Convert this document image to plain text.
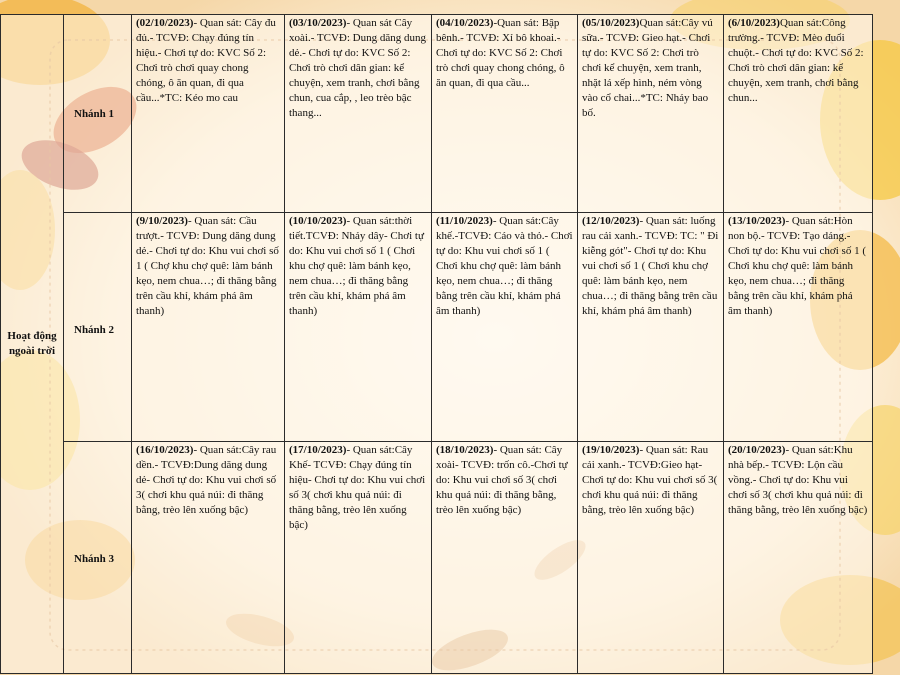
Hoạt động ngoài trời	Nhánh 1	(02/10/2023)- Quan sát: Cây đu đủ.- TCVĐ: Chạy đúng tín hiệu.- Chơi tự do: KVC Số 2: Chơi trò chơi quay chong chóng, ô ăn quan, đi qua cầu...*TC: Kéo mo cau	(03/10/2023)- Quan sát Cây xoài.- TCVĐ: Dung dăng dung dẻ.- Chơi tự do: KVC Số 2: Chơi trò chơi dân gian: kể chuyện, xem tranh, chơi bằng chun, cua cắp, , leo trèo bậc thang...	(04/10/2023)-Quan sát: Bập bênh.- TCVĐ: Xỉ bô khoai.- Chơi tự do: KVC Số 2: Chơi trò chơi quay chong chóng, ô ăn quan, đi qua cầu...	(05/10/2023)Quan sát:Cây vú sữa.- TCVĐ: Gieo hạt.- Chơi tự do: KVC Số 2: Chơi trò chơi kể chuyện, xem tranh, nhặt lá xếp hình, ném vòng vào cổ chai...*TC: Nhảy bao bố.	(6/10/2023)Quan sát:Công trường.- TCVĐ: Mèo đuổi chuột.- Chơi tự do: KVC Số 2: Chơi trò chơi dân gian: kể chuyện, xem tranh, chơi bằng chun...
	Nhánh 2	(9/10/2023)- Quan sát: Cầu trượt.- TCVĐ: Dung dăng dung dẻ.- Chơi tự do: Khu vui chơi số 1 ( Chợ khu chợ quê: làm bánh kẹo, nem chua…; đi thăng bằng trên cầu khỉ, khám phá âm thanh)	(10/10/2023)- Quan sát:thời tiết.TCVĐ: Nhảy dây- Chơi tự do: Khu vui chơi số 1 ( Chơi khu chợ quê: làm bánh kẹo, nem chua…; đi thăng bằng trên cầu khỉ, khám phá âm thanh)	(11/10/2023)- Quan sát:Cây khế.-TCVĐ: Cáo và thỏ.- Chơi tự do: Khu vui chơi số 1 ( Chơi khu chợ quê: làm bánh kẹo, nem chua…; đi thăng bằng trên cầu khỉ, khám phá âm thanh)	(12/10/2023)- Quan sát: luống rau cải xanh.- TCVĐ: TC: " Đi kiễng gót"- Chơi tự do: Khu vui chơi số 1 ( Chơi khu chợ quê: làm bánh kẹo, nem chua…; đi thăng bằng trên cầu khỉ, khám phá âm thanh)	(13/10/2023)- Quan sát:Hòn non bộ.- TCVĐ: Tạo dáng.- Chơi tự do: Khu vui chơi số 1 ( Chơi khu chợ quê: làm bánh kẹo, nem chua…; đi thăng bằng trên cầu khỉ, khám phá âm thanh)
	Nhánh 3	(16/10/2023)- Quan sát:Cây rau dền.- TCVĐ:Dung dăng dung dẻ- Chơi tự do: Khu vui chơi số 3( chơi khu quả núi: đi thăng bằng, trèo lên xuống bậc)	(17/10/2023)- Quan sát:Cây Khế- TCVĐ: Chạy đúng tín hiệu- Chơi tự do: Khu vui chơi số 3( chơi khu quả núi: đi thăng bằng, trèo lên xuống bậc)	(18/10/2023)- Quan sát: Cây xoài- TCVĐ: trốn cô.-Chơi tự do: Khu vui chơi số 3( chơi khu quả núi: đi thăng bằng, trèo lên xuống bậc)	(19/10/2023)- Quan sát: Rau cải xanh.- TCVĐ:Gieo hạt- Chơi tự do: Khu vui chơi số 3( chơi khu quả núi: đi thăng bằng, trèo lên xuống bậc)	(20/10/2023)- Quan sát:Khu nhà bếp.- TCVĐ: Lộn cầu vồng.- Chơi tự do: Khu vui chơi số 3( chơi khu quả núi: đi thăng bằng, trèo lên xuống bậc)
